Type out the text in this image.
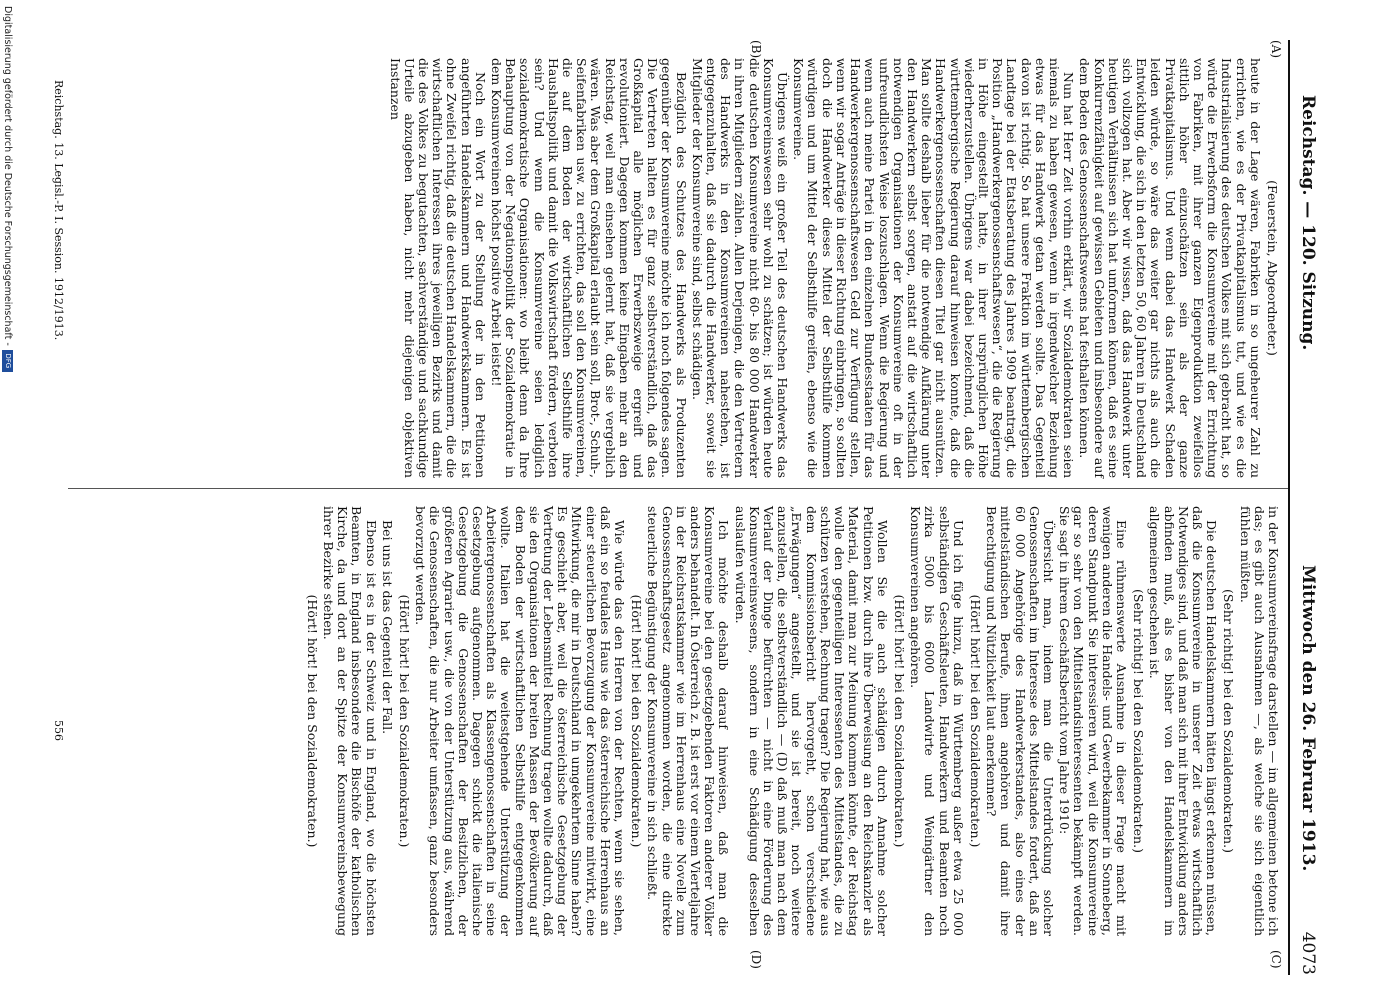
Reichstag. — 120. Sitzung.
Mittwoch den 26. Februar 1913.
4073
(A)
(B)
(C)
(D)

(Feuerstein, Abgeordneter.)

heute in der Lage wären, Fabriken in so ungeheurer Zahl zu errichten, wie es der Privatkapitalismus tut, und wie es die Industrialisierung des deutschen Volkes mit sich gebracht hat, so würde die Erwerbsform die Konsumvereine mit der Errichtung von Fabriken, mit ihrer ganzen Eigenproduktion zweifellos sittlich höher einzuschätzen sein als der ganze Privatkapitalismus. Und wenn dabei das Handwerk Schaden leiden würde, so wäre das weiter gar nichts als auch die Entwicklung, die sich in den letzten 50, 60 Jahren in Deutschland sich vollzogen hat. Aber wir wissen, daß das Handwerk unter heutigen Verhältnissen sich hat umformen können, daß es seine Konkurrenzfähigkeit auf gewissen Gebieten und insbesondere auf dem Boden des Genossenschaftswesens hat festhalten können.

Nun hat Herr Zeit vorhin erklärt, wir Sozialdemokraten seien niemals zu haben gewesen, wenn in irgendwelcher Beziehung etwas für das Handwerk getan werden sollte. Das Gegenteil davon ist richtig. So hat unsere Fraktion im württembergischen Landtage bei der Etatsberatung des Jahres 1909 beantragt, die Position „Handwerkergenossenschaftswesen“, die die Regierung in Höhe eingestellt hatte, in ihrer ursprünglichen Höhe wiederherzustellen. Übrigens war dabei bezeichnend, daß die württembergische Regierung darauf hinweisen konnte, daß die Handwerkergenossenschaften diesen Titel gar nicht ausnützen. Man sollte deshalb lieber für die notwendige Aufklärung unter den Handwerkern selbst sorgen, anstatt auf die wirtschaftlich notwendigen Organisationen der Konsumvereine oft in der unfreundlichsten Weise loszuschlagen. Wenn die Regierung und wenn auch meine Partei in den einzelnen Bundesstaaten für das Handwerkergenossenschaftswesen Geld zur Verfügung stellen, wenn wir sogar Anträge in dieser Richtung einbringen, so sollten doch die Handwerker dieses Mittel der Selbsthilfe kommen würdigen und um Mittel der Selbsthilfe greifen, ebenso wie die Konsumvereine.

Übrigens weiß ein großer Teil des deutschen Handwerks das Konsumvereinswesen sehr wohl zu schätzen; ist würden heute die deutschen Konsumvereine nicht 60- bis 80 000 Handwerker in ihren Mitgliedern zählen. Allen Derjenigen, die den Vertretern des Handwerks in den Konsumvereinen nahestehen, ist entgegenzuhalten, daß sie dadurch die Handwerker, soweit sie Mitglieder der Konsumvereine sind, selbst schädigen.

Bezüglich des Schutzes des Handwerks als Produzenten gegenüber der Konsumvereine möchte ich noch folgendes sagen. Die Vertreten halten es für ganz selbstverständlich, daß das Großkapital alle möglichen Erwerbszweige ergreift und revolutioniert. Dagegen kommen keine Eingaben mehr an den Reichstag, weil man einsehen gelernt hat, daß sie vergeblich wären. Was aber dem Großkapital erlaubt sein soll, Brot-, Schuh-, Seifenfabriken usw. zu errichten, das soll den Konsumvereinen, die auf dem Boden der wirtschaftlichen Selbsthilfe ihre Haushaltspolitik und damit die Volkswirtschaft fördern, verboten sein? Und wenn die Konsumvereine seien lediglich sozialdemokratische Organisationen: wo bleibt denn da Ihre Behauptung von der Negationspolitik der Sozialdemokratie in dem Konsumvereinen höchst positive Arbeit leistet!

Noch ein Wort zu der Stellung der in den Petitionen angeführten Handelskammern und Handwerkskammern. Es ist ohne Zweifel richtig, daß die deutschen Handelskammern, die die wirtschaftlichen Interessen ihres jeweiligen Bezirks und damit die des Volkes zu begutachten, sachverständige und sachkundige Urteile abzugeben haben, nicht mehr diejenigen objektiven Instanzen

in der Konsumvereinsfrage darstellen — im allgemeinen betone ich das; es gibt auch Ausnahmen —, als welche sie sich eigentlich fühlen müßten.

(Sehr richtig! bei den Sozialdemokraten.)

Die deutschen Handelskammern hätten längst erkennen müssen, daß die Konsumvereine in unserer Zeit etwas wirtschaftlich Notwendiges sind, und daß man sich mit ihrer Entwicklung anders abfinden muß, als es bisher von den Handelskammern im allgemeinen geschehen ist.

(Sehr richtig! bei den Sozialdemokraten.)

Eine rühmenswerte Ausnahme in dieser Frage macht mit wenigen anderen die Handels- und Gewerbekammer in Sonneberg, deren Standpunkt Sie interessieren wird, weil die Konsumvereine gar so sehr von den Mittelstandsinteressenten bekämpft werden. Sie sagt in ihrem Geschäftsbericht vom Jahre 1910:

Übersicht man, indem man die Unterdrückung solcher Genossenschaften im Interesse des Mittelstandes fordert, daß an 60 000 Angehörige des Handwerkerstandes, also eines der mittelständischen Berufe, ihnen angehören und damit ihre Berechtigung und Nützlichkeit laut anerkennen?

(Hört! hört! bei den Sozialdemokraten.)

Und ich füge hinzu, daß in Württemberg außer etwa 25 000 selbständigen Geschäftsleuten, Handwerkern und Beamten noch zirka 5000 bis 6000 Landwirte und Weingärtner den Konsumvereinen angehören.

(Hört! hört! bei den Sozialdemokraten.)

Wollen Sie die auch schädigen durch Annahme solcher Petitionen bzw. durch ihre Überweisung an den Reichskanzler als Material, damit man zur Meinung kommen könnte, der Reichstag wolle den gegenteiligen Interessenten des Mittelstandes, die zu schützen verstehen, Rechnung tragen? Die Regierung hat, wie aus dem Kommissionsbericht hervorgeht, schon verschiedene „Erwägungen“ angestellt, und sie ist bereit, noch weitere anzustellen, die selbstverständlich — (D) daß muß man nach dem Verlauf der Dinge befürchten — nicht in eine Förderung des Konsumvereinswesens, sondern in eine Schädigung desselben auslaufen würden.

Ich möchte deshalb darauf hinweisen, daß man die Konsumvereine bei den gesetzgebenden Faktoren anderer Völker anders behandelt. In Österreich z. B. ist erst vor einem Vierteljahre in der Reichsratskammer wie im Herrenhaus eine Novelle zum Genossenschaftsgesetz angenommen worden, die eine direkte steuerliche Begünstigung der Konsumvereine in sich schließt.

(Hört! hört! bei den Sozialdemokraten.)

Wie würde das den Herren von der Rechten, wenn sie sehen, daß ein so feudales Haus wie das österreichische Herrenhaus an einer steuerlichen Bevorzugung der Konsumvereine mitwirkt, eine Mitwirkung, die mir in Deutschland in umgekehrtem Sinne haben? Es geschieht aber, weil die österreichische Gesetzgebung der Vertretung der Lebensmittel Rechnung tragen wollte dadurch, daß sie den Organisationen der breiten Massen der Bevölkerung auf dem Boden der wirtschaftlichen Selbsthilfe entgegenkommen wollte. Italien hat die weitestgehende Unterstützung der Arbeitergenossenschaften als Klassengenossenschaften in seine Gesetzgebung aufgenommen. Dagegen schickt die italienische Gesetzgebung die Genossenschaften der Besitzlichen, der größeren Agrarier usw., die von der Unterstützung aus, während die Genossenschaften, die nur Arbeiter umfassen, ganz besonders bevorzugt werden.

(Hört! hört! bei den Sozialdemokraten.)

Bei uns ist das Gegenteil der Fall.

Ebenso ist es in der Schweiz und in England, wo die höchsten Beamten, in England insbesondere die Bischöfe der katholischen Kirche, da und dort an der Spitze der Konsumvereinsbewegung ihrer Bezirke stehen.

(Hört! hört! bei den Sozialdemokraten.)

Reichstag. 13. Legisl.-P. I. Session. 1912/1913.
556
Digitalisierung gefördert durch die Deutsche Forschungsgemeinschaft -DFG
